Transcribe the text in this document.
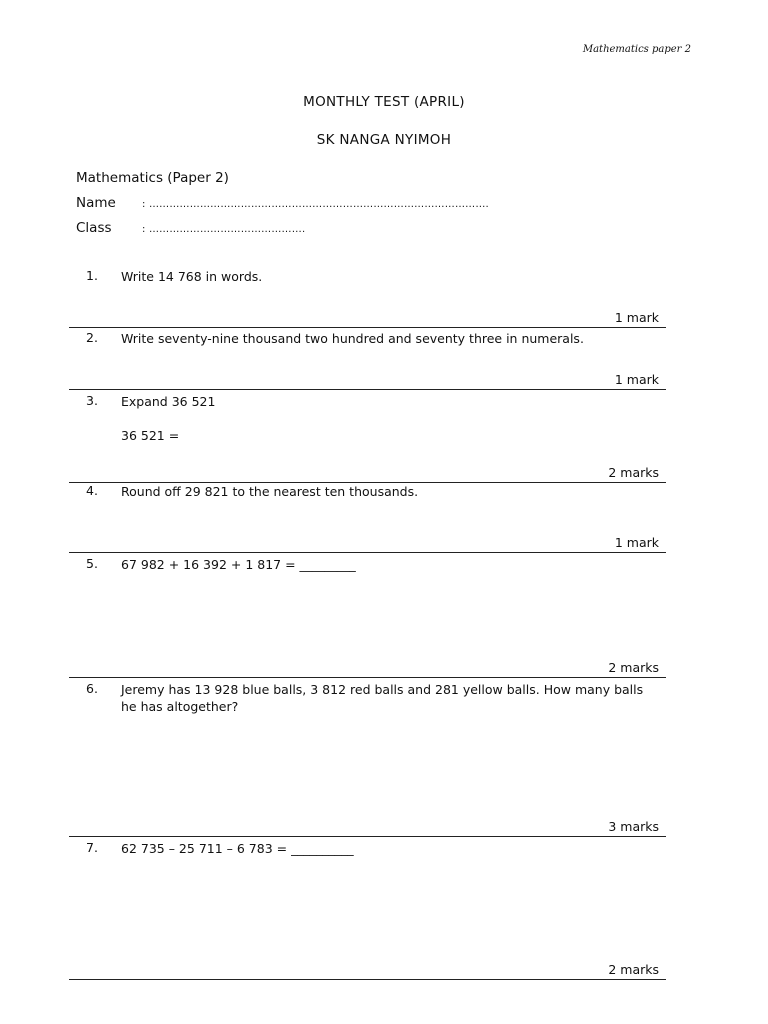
Mathematics paper 2
MONTHLY TEST (APRIL)
SK NANGA NYIMOH
Mathematics (Paper 2)
Name	: ……………………………………………………………………………………….
Class	: ……………………………………….
1. Write 14 768 in words.
1 mark
2. Write seventy-nine thousand two hundred and seventy three in numerals.
1 mark
3. Expand 36 521
36 521 =
2 marks
4. Round off 29 821 to the nearest ten thousands.
1 mark
5. 67 982 + 16 392 + 1 817 = _________
2 marks
6. Jeremy has 13 928 blue balls, 3 812 red balls and 281 yellow balls. How many balls he has altogether?
3 marks
7. 62 735 – 25 711 – 6 783 = __________
2 marks
